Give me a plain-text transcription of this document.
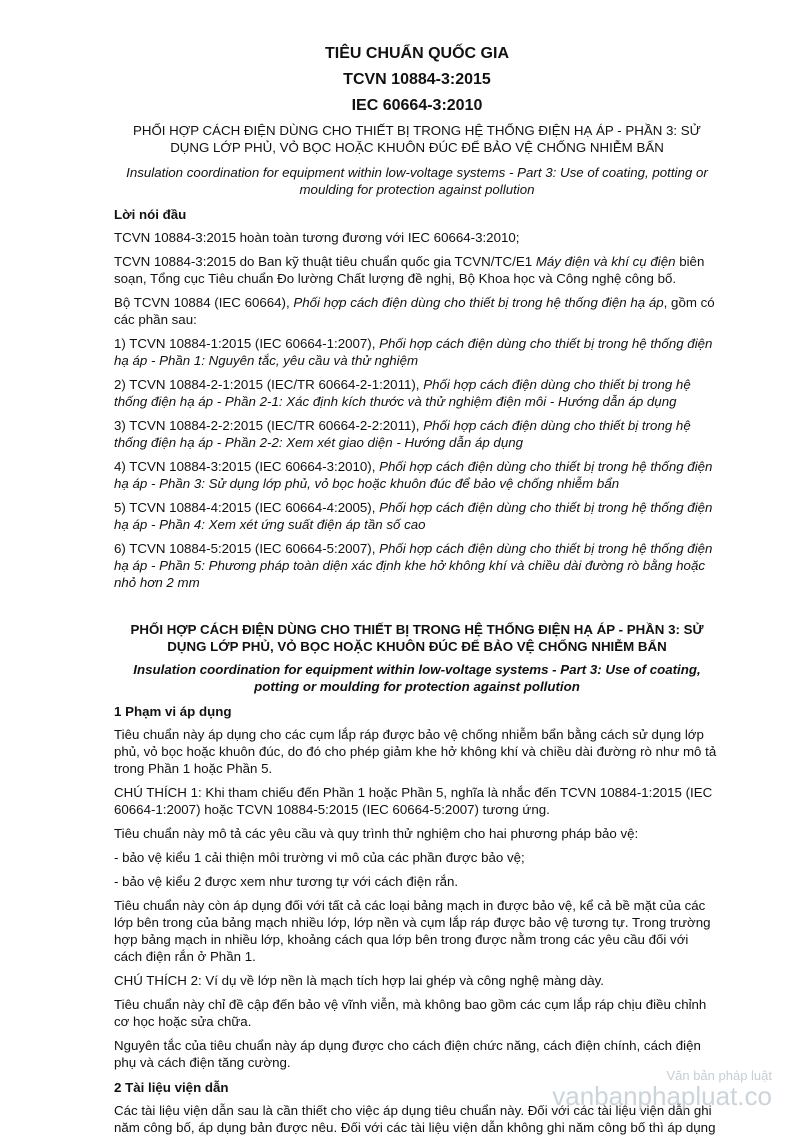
TIÊU CHUẨN QUỐC GIA
TCVN 10884-3:2015
IEC 60664-3:2010
PHỐI HỢP CÁCH ĐIỆN DÙNG CHO THIẾT BỊ TRONG HỆ THỐNG ĐIỆN HẠ ÁP - PHẦN 3: SỬ DỤNG LỚP PHỦ, VỎ BỌC HOẶC KHUÔN ĐÚC ĐỂ BẢO VỆ CHỐNG NHIỄM BẨN
Insulation coordination for equipment within low-voltage systems - Part 3: Use of coating, potting or moulding for protection against pollution
Lời nói đầu

TCVN 10884-3:2015 hoàn toàn tương đương với IEC 60664-3:2010;

TCVN 10884-3:2015 do Ban kỹ thuật tiêu chuẩn quốc gia TCVN/TC/E1 Máy điện và khí cụ điện biên soạn, Tổng cục Tiêu chuẩn Đo lường Chất lượng đề nghị, Bộ Khoa học và Công nghệ công bố.

Bộ TCVN 10884 (IEC 60664), Phối hợp cách điện dùng cho thiết bị trong hệ thống điện hạ áp, gồm có các phần sau:

1) TCVN 10884-1:2015 (IEC 60664-1:2007), Phối hợp cách điện dùng cho thiết bị trong hệ thống điện hạ áp - Phần 1: Nguyên tắc, yêu cầu và thử nghiệm

2) TCVN 10884-2-1:2015 (IEC/TR 60664-2-1:2011), Phối hợp cách điện dùng cho thiết bị trong hệ thống điện hạ áp - Phần 2-1: Xác định kích thước và thử nghiệm điện môi - Hướng dẫn áp dụng

3) TCVN 10884-2-2:2015 (IEC/TR 60664-2-2:2011), Phối hợp cách điện dùng cho thiết bị trong hệ thống điện hạ áp - Phần 2-2: Xem xét giao diện - Hướng dẫn áp dụng

4) TCVN 10884-3:2015 (IEC 60664-3:2010), Phối hợp cách điện dùng cho thiết bị trong hệ thống điện hạ áp - Phần 3: Sử dụng lớp phủ, vỏ bọc hoặc khuôn đúc để bảo vệ chống nhiễm bẩn

5) TCVN 10884-4:2015 (IEC 60664-4:2005), Phối hợp cách điện dùng cho thiết bị trong hệ thống điện hạ áp - Phần 4: Xem xét ứng suất điện áp tần số cao

6) TCVN 10884-5:2015 (IEC 60664-5:2007), Phối hợp cách điện dùng cho thiết bị trong hệ thống điện hạ áp - Phần 5: Phương pháp toàn diện xác định khe hở không khí và chiều dài đường rò bằng hoặc nhỏ hơn 2 mm

PHỐI HỢP CÁCH ĐIỆN DÙNG CHO THIẾT BỊ TRONG HỆ THỐNG ĐIỆN HẠ ÁP - PHẦN 3: SỬ DỤNG LỚP PHỦ, VỎ BỌC HOẶC KHUÔN ĐÚC ĐỂ BẢO VỆ CHỐNG NHIỄM BẨN
Insulation coordination for equipment within low-voltage systems - Part 3: Use of coating, potting or moulding for protection against pollution
1 Phạm vi áp dụng

Tiêu chuẩn này áp dụng cho các cụm lắp ráp được bảo vệ chống nhiễm bẩn bằng cách sử dụng lớp phủ, vỏ bọc hoặc khuôn đúc, do đó cho phép giảm khe hở không khí và chiều dài đường rò như mô tả trong Phần 1 hoặc Phần 5.

CHÚ THÍCH 1: Khi tham chiếu đến Phần 1 hoặc Phần 5, nghĩa là nhắc đến TCVN 10884-1:2015 (IEC 60664-1:2007) hoặc TCVN 10884-5:2015 (IEC 60664-5:2007) tương ứng.

Tiêu chuẩn này mô tả các yêu cầu và quy trình thử nghiệm cho hai phương pháp bảo vệ:

- bảo vệ kiểu 1 cải thiện môi trường vi mô của các phần được bảo vệ;

- bảo vệ kiểu 2 được xem như tương tự với cách điện rắn.

Tiêu chuẩn này còn áp dụng đối với tất cả các loại bảng mạch in được bảo vệ, kể cả bề mặt của các lớp bên trong của bảng mạch nhiều lớp, lớp nền và cụm lắp ráp được bảo vệ tương tự. Trong trường hợp bảng mạch in nhiều lớp, khoảng cách qua lớp bên trong được nằm trong các yêu cầu đối với cách điện rắn ở Phần 1.

CHÚ THÍCH 2: Ví dụ về lớp nền là mạch tích hợp lai ghép và công nghệ màng dày.

Tiêu chuẩn này chỉ đề cập đến bảo vệ vĩnh viễn, mà không bao gồm các cụm lắp ráp chịu điều chỉnh cơ học hoặc sửa chữa.

Nguyên tắc của tiêu chuẩn này áp dụng được cho cách điện chức năng, cách điện chính, cách điện phụ và cách điện tăng cường.

2 Tài liệu viện dẫn

Các tài liệu viện dẫn sau là cần thiết cho việc áp dụng tiêu chuẩn này. Đối với các tài liệu viện dẫn ghi năm công bố, áp dụng bản được nêu. Đối với các tài liệu viện dẫn không ghi năm công bố thì áp dụng

Văn bản pháp luật
vanbanphapluat.co
